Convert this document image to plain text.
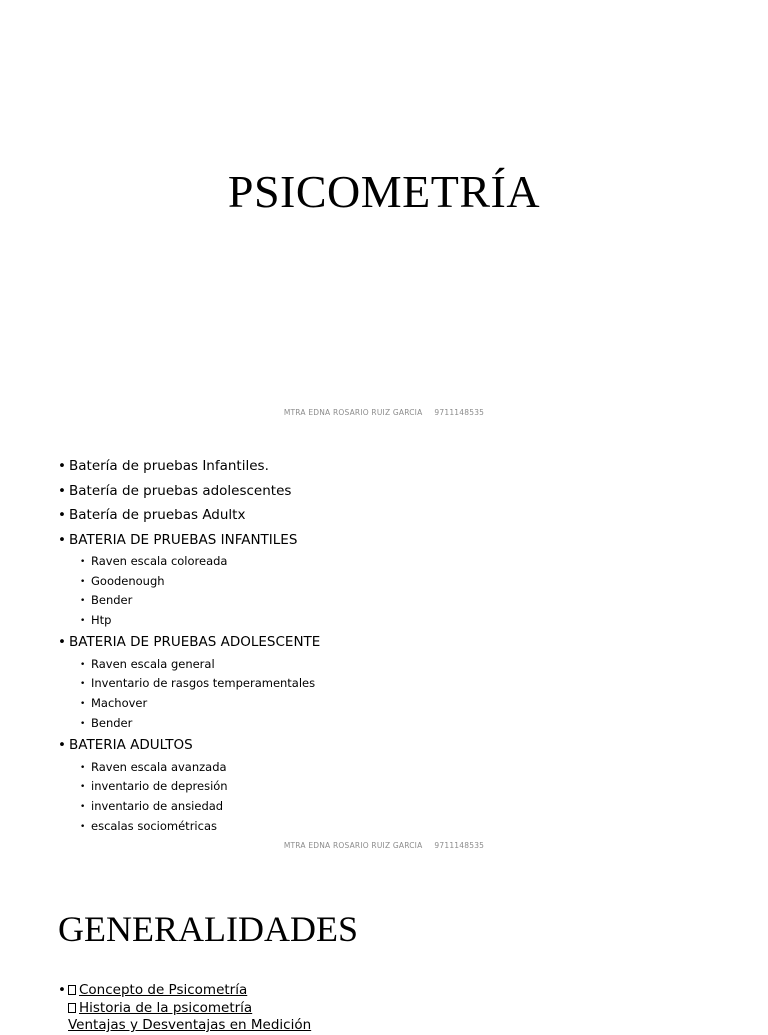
PSICOMETRÍA
MTRA EDNA ROSARIO RUIZ GARCIA 9711148535
• Batería de pruebas Infantiles.
• Batería de pruebas adolescentes
• Batería de pruebas Adultx
• BATERIA DE PRUEBAS INFANTILES
• Raven escala coloreada
• Goodenough
• Bender
• Htp
• BATERIA DE PRUEBAS ADOLESCENTE
• Raven escala general
• Inventario de rasgos temperamentales
• Machover
• Bender
• BATERIA ADULTOS
• Raven escala avanzada
• inventario de depresión
• inventario de ansiedad
• escalas sociométricas
MTRA EDNA ROSARIO RUIZ GARCIA 9711148535
GENERALIDADES
• Concepto de Psicometría
Historia de la psicometría
Ventajas y Desventajas en Medición
